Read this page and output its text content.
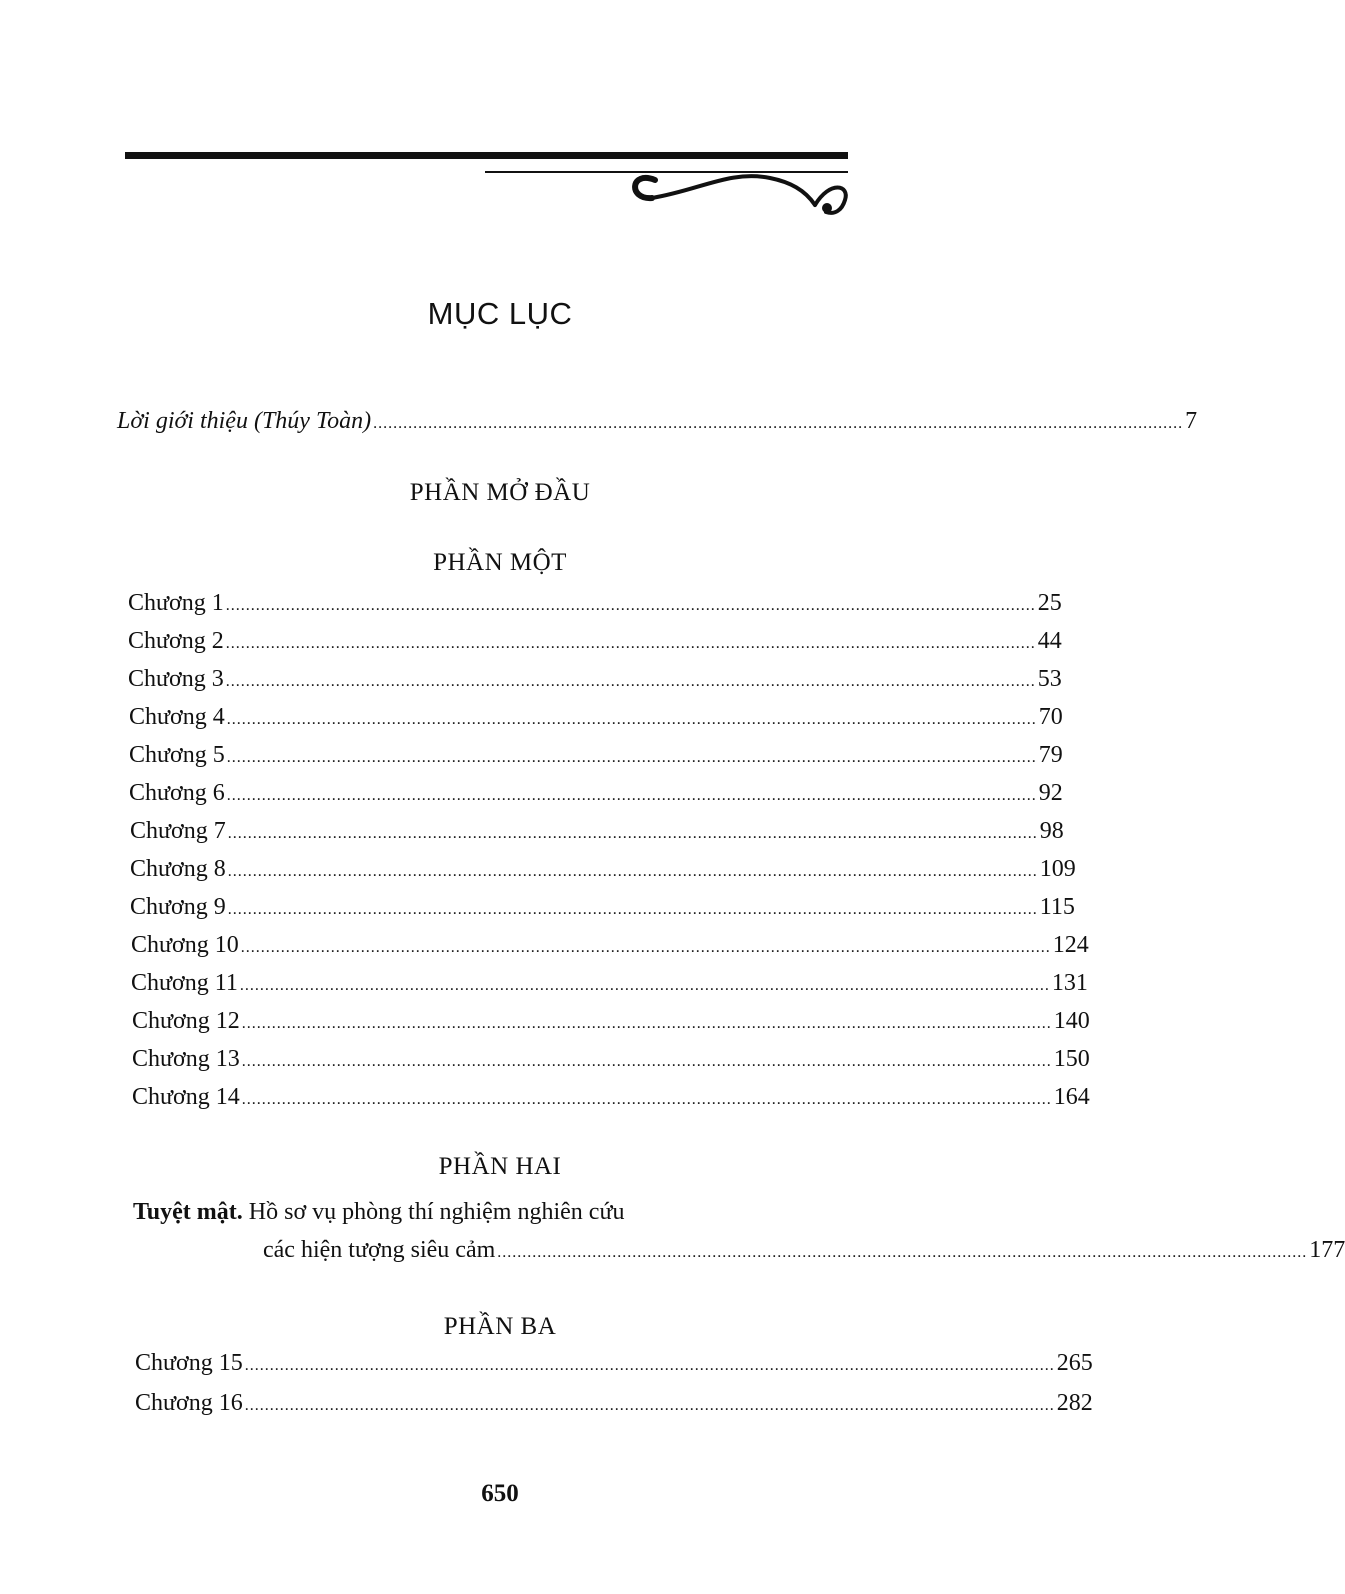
MỤC LỤC
Lời giới thiệu (Thúy Toàn) .................................................................................................................................................................. 7
PHẦN MỞ ĐẦU
PHẦN MỘT
Chương 1 .................................................................................................................................................................. 25
Chương 2 .................................................................................................................................................................. 44
Chương 3 .................................................................................................................................................................. 53
Chương 4 .................................................................................................................................................................. 70
Chương 5 .................................................................................................................................................................. 79
Chương 6 .................................................................................................................................................................. 92
Chương 7 .................................................................................................................................................................. 98
Chương 8 .................................................................................................................................................................. 109
Chương 9 .................................................................................................................................................................. 115
Chương 10 .................................................................................................................................................................. 124
Chương 11 .................................................................................................................................................................. 131
Chương 12 .................................................................................................................................................................. 140
Chương 13 .................................................................................................................................................................. 150
Chương 14 .................................................................................................................................................................. 164
PHẦN HAI
Tuyệt mật. Hồ sơ vụ phòng thí nghiệm nghiên cứu
các hiện tượng siêu cảm .................................................................................................................................................................. 177
PHẦN BA
Chương 15 .................................................................................................................................................................. 265
Chương 16 .................................................................................................................................................................. 282
650
